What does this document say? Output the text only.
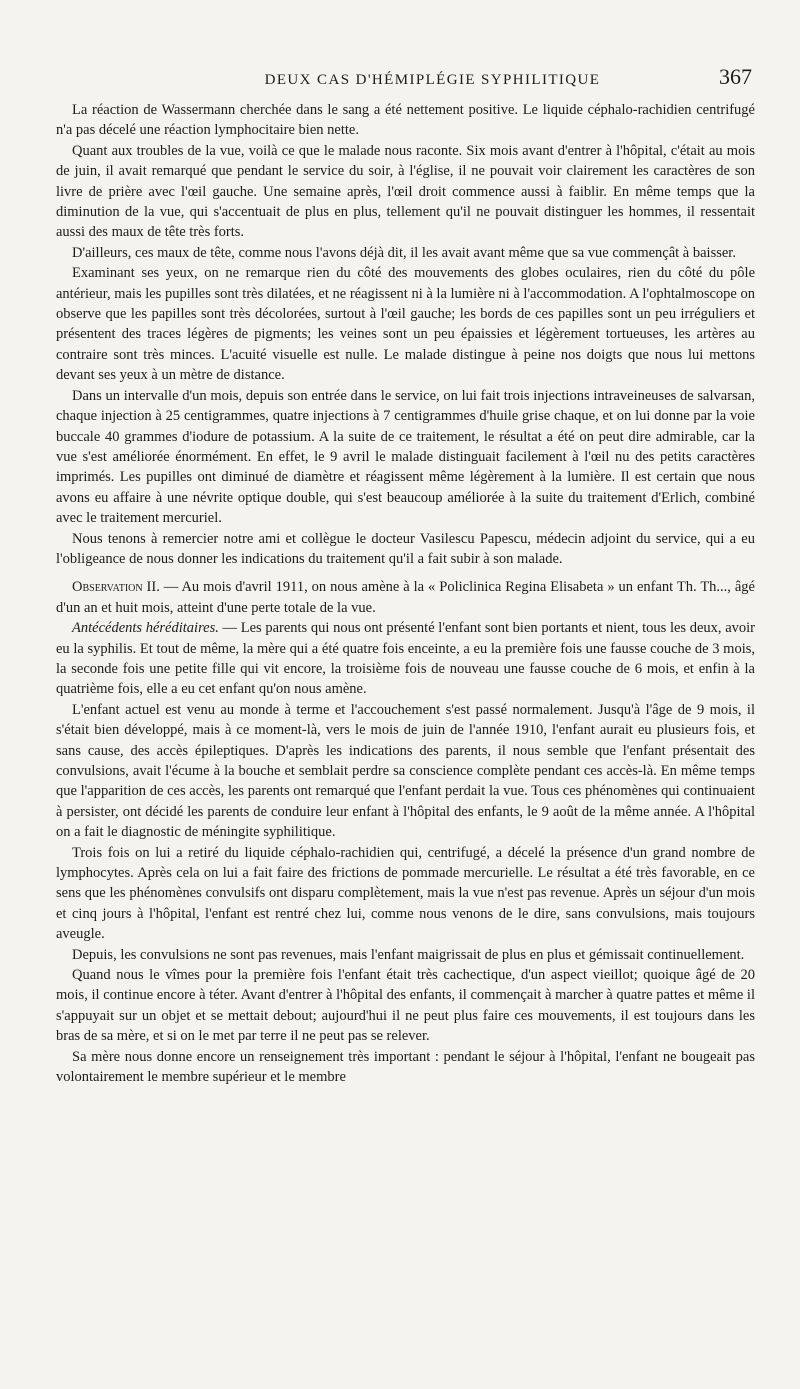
DEUX CAS D'HÉMIPLÉGIE SYPHILITIQUE	367

La réaction de Wassermann cherchée dans le sang a été nettement positive. Le liquide céphalo-rachidien centrifugé n'a pas décelé une réaction lymphocitaire bien nette.

Quant aux troubles de la vue, voilà ce que le malade nous raconte. Six mois avant d'entrer à l'hôpital, c'était au mois de juin, il avait remarqué que pendant le service du soir, à l'église, il ne pouvait voir clairement les caractères de son livre de prière avec l'œil gauche. Une semaine après, l'œil droit commence aussi à faiblir. En même temps que la diminution de la vue, qui s'accentuait de plus en plus, tellement qu'il ne pouvait distinguer les hommes, il ressentait aussi des maux de tête très forts.

D'ailleurs, ces maux de tête, comme nous l'avons déjà dit, il les avait avant même que sa vue commençât à baisser.

Examinant ses yeux, on ne remarque rien du côté des mouvements des globes oculaires, rien du côté du pôle antérieur, mais les pupilles sont très dilatées, et ne réagissent ni à la lumière ni à l'accommodation. A l'ophtalmoscope on observe que les papilles sont très décolorées, surtout à l'œil gauche; les bords de ces papilles sont un peu irréguliers et présentent des traces légères de pigments; les veines sont un peu épaissies et légèrement tortueuses, les artères au contraire sont très minces. L'acuité visuelle est nulle. Le malade distingue à peine nos doigts que nous lui mettons devant ses yeux à un mètre de distance.

Dans un intervalle d'un mois, depuis son entrée dans le service, on lui fait trois injections intraveineuses de salvarsan, chaque injection à 25 centigrammes, quatre injections à 7 centigrammes d'huile grise chaque, et on lui donne par la voie buccale 40 grammes d'iodure de potassium. A la suite de ce traitement, le résultat a été on peut dire admirable, car la vue s'est améliorée énormément. En effet, le 9 avril le malade distinguait facilement à l'œil nu des petits caractères imprimés. Les pupilles ont diminué de diamètre et réagissent même légèrement à la lumière. Il est certain que nous avons eu affaire à une névrite optique double, qui s'est beaucoup améliorée à la suite du traitement d'Erlich, combiné avec le traitement mercuriel.

Nous tenons à remercier notre ami et collègue le docteur Vasilescu Papescu, médecin adjoint du service, qui a eu l'obligeance de nous donner les indications du traitement qu'il a fait subir à son malade.

Observation II. — Au mois d'avril 1911, on nous amène à la « Policlinica Regina Elisabeta » un enfant Th. Th..., âgé d'un an et huit mois, atteint d'une perte totale de la vue.

Antécédents héréditaires. — Les parents qui nous ont présenté l'enfant sont bien portants et nient, tous les deux, avoir eu la syphilis. Et tout de même, la mère qui a été quatre fois enceinte, a eu la première fois une fausse couche de 3 mois, la seconde fois une petite fille qui vit encore, la troisième fois de nouveau une fausse couche de 6 mois, et enfin à la quatrième fois, elle a eu cet enfant qu'on nous amène.

L'enfant actuel est venu au monde à terme et l'accouchement s'est passé normalement. Jusqu'à l'âge de 9 mois, il s'était bien développé, mais à ce moment-là, vers le mois de juin de l'année 1910, l'enfant aurait eu plusieurs fois, et sans cause, des accès épileptiques. D'après les indications des parents, il nous semble que l'enfant présentait des convulsions, avait l'écume à la bouche et semblait perdre sa conscience complète pendant ces accès-là. En même temps que l'apparition de ces accès, les parents ont remarqué que l'enfant perdait la vue. Tous ces phénomènes qui continuaient à persister, ont décidé les parents de conduire leur enfant à l'hôpital des enfants, le 9 août de la même année. A l'hôpital on a fait le diagnostic de méningite syphilitique.

Trois fois on lui a retiré du liquide céphalo-rachidien qui, centrifugé, a décelé la présence d'un grand nombre de lymphocytes. Après cela on lui a fait faire des frictions de pommade mercurielle. Le résultat a été très favorable, en ce sens que les phénomènes convulsifs ont disparu complètement, mais la vue n'est pas revenue. Après un séjour d'un mois et cinq jours à l'hôpital, l'enfant est rentré chez lui, comme nous venons de le dire, sans convulsions, mais toujours aveugle.

Depuis, les convulsions ne sont pas revenues, mais l'enfant maigrissait de plus en plus et gémissait continuellement.

Quand nous le vîmes pour la première fois l'enfant était très cachectique, d'un aspect vieillot; quoique âgé de 20 mois, il continue encore à téter. Avant d'entrer à l'hôpital des enfants, il commençait à marcher à quatre pattes et même il s'appuyait sur un objet et se mettait debout; aujourd'hui il ne peut plus faire ces mouvements, il est toujours dans les bras de sa mère, et si on le met par terre il ne peut pas se relever.

Sa mère nous donne encore un renseignement très important : pendant le séjour à l'hôpital, l'enfant ne bougeait pas volontairement le membre supérieur et le membre
